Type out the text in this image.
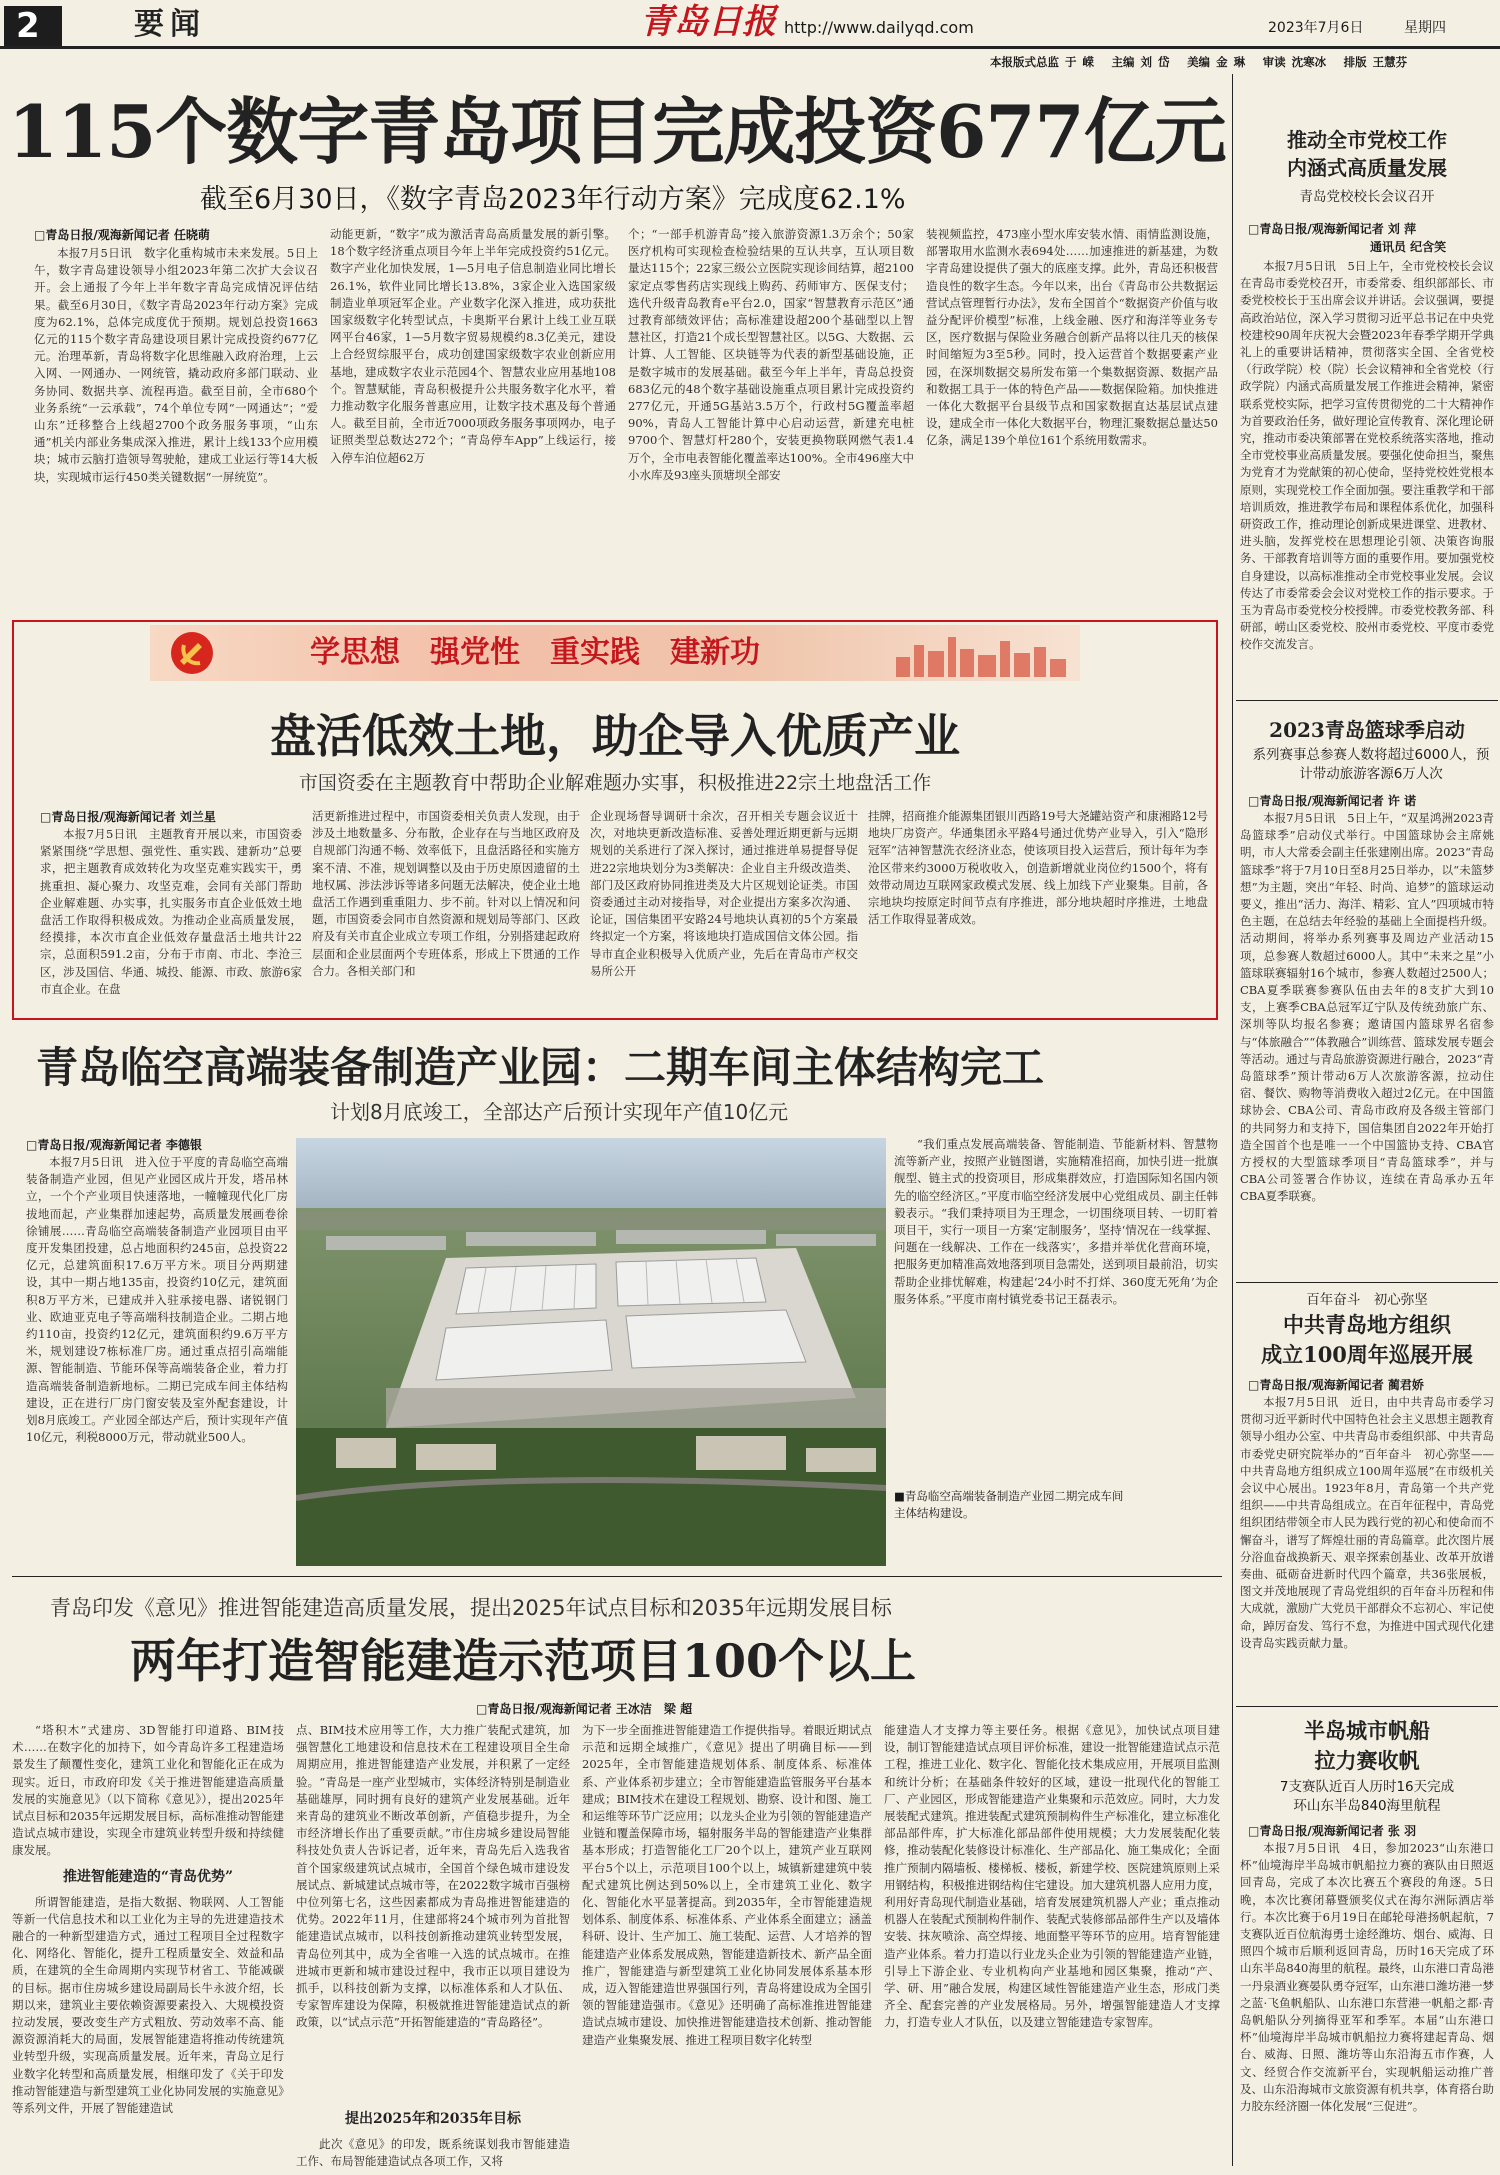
2	要闻	青岛日报 http://www.dailyqd.com	2023年7月6日	星期四
本报版式总监 于 嵘　 主编 刘 岱　 美编 金 琳　 审读 沈寒冰　 排版 王慧芬
115个数字青岛项目完成投资677亿元
截至6月30日，《数字青岛2023年行动方案》完成度62.1%
□青岛日报/观海新闻记者 任晓萌

本报7月5日讯　数字化重构城市未来发展。5日上午，数字青岛建设领导小组2023年第二次扩大会议召开。会上通报了今年上半年数字青岛完成情况评估结果。截至6月30日，《数字青岛2023年行动方案》完成度为62.1%，总体完成度优于预期。规划总投资1663亿元的115个数字青岛建设项目累计完成投资约677亿元。治理革新，青岛将数字化思维融入政府治理，上云入网、一网通办、一网统管，撬动政府多部门联动、业务协同、数据共享、流程再造。截至目前，全市680个业务系统“一云承载”，74个单位专网“一网通达”；“爱山东”迁移整合上线超2700个政务服务事项，“山东通”机关内部业务集成深入推进，累计上线133个应用模块；城市云脑打造领导驾驶舱，建成工业运行等14大板块，实现城市运行450类关键数据“一屏统览”。

动能更新，“数字”成为激活青岛高质量发展的新引擎。18个数字经济重点项目今年上半年完成投资约51亿元。数字产业化加快发展，1—5月电子信息制造业同比增长26.1%，软件业同比增长13.8%，3家企业入选国家级制造业单项冠军企业。产业数字化深入推进，成功获批国家级数字化转型试点，卡奥斯平台累计上线工业互联网平台46家，1—5月数字贸易规模约8.3亿美元，建设上合经贸综服平台，成功创建国家级数字农业创新应用基地，建成数字农业示范园4个、智慧农业应用基地108个。智慧赋能，青岛积极提升公共服务数字化水平，着力推动数字化服务普惠应用，让数字技术惠及每个普通人。截至目前，全市近7000项政务服务事项网办，电子证照类型总数达272个；“青岛停车App”上线运行，接入停车泊位超62万

个；“一部手机游青岛”接入旅游资源1.3万余个；50家医疗机构可实现检查检验结果的互认共享，互认项目数量达115个；22家三级公立医院实现诊间结算，超2100家定点零售药店实现线上购药、药师审方、医保支付；选代升级青岛教育e平台2.0，国家“智慧教育示范区”通过教育部绩效评估；高标准建设超200个基础型以上智慧社区，打造21个成长型智慧社区。以5G、大数据、云计算、人工智能、区块链等为代表的新型基础设施，正是数字城市的发展基础。截至今年上半年，青岛总投资683亿元的48个数字基础设施重点项目累计完成投资约277亿元，开通5G基站3.5万个，行政村5G覆盖率超90%，青岛人工智能计算中心启动运营，新建充电桩9700个、智慧灯杆280个，安装更换物联网燃气表1.4万个，全市电表智能化覆盖率达100%。全市496座大中小水库及93座头顶塘坝全部安

装视频监控，473座小型水库安装水情、雨情监测设施，部署取用水监测水表694处……加速推进的新基建，为数字青岛建设提供了强大的底座支撑。此外，青岛还积极营造良性的数字生态。今年以来，出台《青岛市公共数据运营试点管理暂行办法》，发布全国首个“数据资产价值与收益分配评价模型”标准，上线金融、医疗和海洋等业务专区，医疗数据与保险业务融合创新产品将以往几天的核保时间缩短为3至5秒。同时，投入运营首个数据要素产业园，在深圳数据交易所发布第一个集数据资源、数据产品和数据工具于一体的特色产品——数据保险箱。加快推进一体化大数据平台县级节点和国家数据直达基层试点建设，建成全市一体化大数据平台，物理汇聚数据总量达50亿条，满足139个单位161个系统用数需求。

学思想　强党性　重实践　建新功
盘活低效土地，助企导入优质产业
市国资委在主题教育中帮助企业解难题办实事，积极推进22宗土地盘活工作
□青岛日报/观海新闻记者 刘兰星

本报7月5日讯　主题教育开展以来，市国资委紧紧围绕“学思想、强党性、重实践、建新功”总要求，把主题教育成效转化为攻坚克难实践实干，勇挑重担、凝心聚力、攻坚克难，会同有关部门帮助企业解难题、办实事，扎实服务市直企业低效土地盘活工作取得积极成效。为推动企业高质量发展，经摸排，本次市直企业低效存量盘活土地共计22宗，总面积591.2亩，分布于市南、市北、李沧三区，涉及国信、华通、城投、能源、市政、旅游6家市直企业。在盘

活更新推进过程中，市国资委相关负责人发现，由于涉及土地数量多、分布散，企业存在与当地区政府及自规部门沟通不畅、效率低下，且盘活路径和实施方案不清、不准，规划调整以及由于历史原因遗留的土地权属、涉法涉诉等诸多问题无法解决，使企业土地盘活工作遇到重重阻力、步不前。针对以上情况和问题，市国资委会同市自然资源和规划局等部门、区政府及有关市直企业成立专项工作组，分别搭建起政府层面和企业层面两个专班体系，形成上下贯通的工作合力。各相关部门和

企业现场督导调研十余次，召开相关专题会议近十次，对地块更新改造标准、妥善处理近期更新与远期规划的关系进行了深入探讨，通过推进单易提督导促进22宗地块划分为3类解决：企业自主升级改造类、部门及区政府协同推进类及大片区规划论证类。市国资委通过主动对接指导，对企业提出方案多次沟通、论证，国信集团平安路24号地块认真初的5个方案最终拟定一个方案，将该地块打造成国信文体公园。指导市直企业积极导入优质产业，先后在青岛市产权交易所公开

挂牌，招商推介能源集团银川西路19号大尧罐站资产和康湘路12号地块厂房资产。华通集团永平路4号通过优势产业导入，引入“隐形冠军”洁神智慧洗衣经济业态，使该项目投入运营后，预计每年为李沧区带来约3000万税收收入，创造新增就业岗位约1500个，将有效带动周边互联网家政模式发展、线上加线下产业聚集。目前，各宗地块均按原定时间节点有序推进，部分地块超时序推进，土地盘活工作取得显著成效。

青岛临空高端装备制造产业园：二期车间主体结构完工
计划8月底竣工，全部达产后预计实现年产值10亿元
□青岛日报/观海新闻记者 李德银

本报7月5日讯　进入位于平度的青岛临空高端装备制造产业园，但见产业园区成片开发，塔吊林立，一个个产业项目快速落地，一幢幢现代化厂房拔地而起，产业集群加速起势，高质量发展画卷徐徐铺展……青岛临空高端装备制造产业园项目由平度开发集团投建，总占地面积约245亩，总投资22亿元，总建筑面积17.6万平方米。项目分两期建设，其中一期占地135亩，投资约10亿元，建筑面积8万平方米，已建成并入驻承接电器、诸锐钢门业、欧迪亚克电子等高端科技制造企业。二期占地约110亩，投资约12亿元，建筑面积约9.6万平方米，规划建设7栋标准厂房。通过重点招引高端能源、智能制造、节能环保等高端装备企业，着力打造高端装备制造新地标。二期已完成车间主体结构建设，正在进行厂房门窗安装及室外配套建设，计划8月底竣工。产业园全部达产后，预计实现年产值10亿元，利税8000万元，带动就业500人。

■青岛临空高端装备制造产业园二期完成车间主体结构建设。

“我们重点发展高端装备、智能制造、节能新材料、智慧物流等新产业，按照产业链图谱，实施精准招商，加快引进一批旗舰型、链主式的投资项目，形成集群效应，打造国际知名国内领先的临空经济区。”平度市临空经济发展中心党组成员、副主任韩毅表示。“我们秉持项目为王理念，一切围绕项目转、一切盯着项目干，实行一项目一方案‘定制服务’，坚持‘情况在一线掌握、问题在一线解决、工作在一线落实’，多措并举优化营商环境，把服务更加精准高效地落到项目急需处，送到项目最前沿，切实帮助企业排忧解难，构建起‘24小时不打烊、360度无死角’为企服务体系。”平度市南村镇党委书记王磊表示。

青岛印发《意见》推进智能建造高质量发展，提出2025年试点目标和2035年远期发展目标
两年打造智能建造示范项目100个以上
□青岛日报/观海新闻记者 王冰洁　梁 超

“塔积木”式建房、3D智能打印道路、BIM技术……在数字化的加持下，如今青岛许多工程建造场景发生了颠覆性变化，建筑工业化和智能化正在成为现实。近日，市政府印发《关于推进智能建造高质量发展的实施意见》（以下简称《意见》），提出2025年试点目标和2035年远期发展目标，高标准推动智能建造试点城市建设，实现全市建筑业转型升级和持续健康发展。

推进智能建造的“青岛优势”

所谓智能建造，是指大数据、物联网、人工智能等新一代信息技术和以工业化为主导的先进建造技术融合的一种新型建造方式，通过工程项目全过程数字化、网络化、智能化，提升工程质量安全、效益和品质，在建筑的全生命周期内实现节材省工、节能减碳的目标。据市住房城乡建设局副局长牛永波介绍，长期以来，建筑业主要依赖资源要素投入、大规模投资拉动发展，要改变生产方式粗放、劳动效率不高、能源资源消耗大的局面，发展智能建造将推动传统建筑业转型升级，实现高质量发展。近年来，青岛立足行业数字化转型和高质量发展，相继印发了《关于印发推动智能建造与新型建筑工业化协同发展的实施意见》等系列文件，开展了智能建造试

点、BIM技术应用等工作，大力推广装配式建筑，加强智慧化工地建设和信息技术在工程建设项目全生命周期应用，推进智能建造产业发展，并积累了一定经验。“青岛是一座产业型城市，实体经济特别是制造业基础雄厚，同时拥有良好的建筑产业发展基础。近年来青岛的建筑业不断改革创新，产值稳步提升，为全市经济增长作出了重要贡献。”市住房城乡建设局智能科技处负责人告诉记者，近年来，青岛先后入选我省首个国家级建筑试点城市，全国首个绿色城市建设发展试点、新城建试点城市等，在2022数字城市百强榜中位列第七名，这些因素都成为青岛推进智能建造的优势。2022年11月，住建部将24个城市列为首批智能建造试点城市，以科技创新推动建筑业转型发展，青岛位列其中，成为全省唯一入选的试点城市。在推进城市更新和城市建设过程中，我市正以项目建设为抓手，以科技创新为支撑，以标准体系和人才队伍、专家智库建设为保障，积极就推进智能建造试点的新政策，以“试点示范”开拓智能建造的“青岛路径”。

提出2025年和2035年目标

此次《意见》的印发，既系统谋划我市智能建造工作、布局智能建造试点各项工作，又将

为下一步全面推进智能建造工作提供指导。着眼近期试点示范和远期全域推广，《意见》提出了明确目标——到2025年，全市智能建造规划体系、制度体系、标准体系、产业体系初步建立；全市智能建造监管服务平台基本建成；BIM技术在建设工程规划、勘察、设计和图、施工和运维等环节广泛应用；以龙头企业为引领的智能建造产业链和覆盖保障市场，辐射服务半岛的智能建造产业集群基本形成；打造智能化工厂20个以上，建筑产业互联网平台5个以上，示范项目100个以上，城镇新建建筑中装配式建筑比例达到50%以上，全市建筑工业化、数字化、智能化水平显著提高。到2035年，全市智能建造规划体系、制度体系、标准体系、产业体系全面建立；涵盖科研、设计、生产加工、施工装配、运营、人才培养的智能建造产业体系发展成熟，智能建造新技术、新产品全面推广，智能建造与新型建筑工业化协同发展体系基本形成，迈入智能建造世界强国行列，青岛将建设成为全国引领的智能建造强市。《意见》还明确了高标准推进智能建造试点城市建设、加快推进智能建造技术创新、推动智能建造产业集聚发展、推进工程项目数字化转型

能建造人才支撑力等主要任务。根据《意见》，加快试点项目建设，制订智能建造试点项目评价标准，建设一批智能建造试点示范工程，推进工业化、数字化、智能化技术集成应用，开展项目监测和统计分析；在基础条件较好的区域，建设一批现代化的智能工厂、产业园区，形成智能建造产业集聚和示范效应。同时，大力发展装配式建筑。推进装配式建筑预制构件生产标准化，建立标准化部品部件库，扩大标准化部品部件使用规模；大力发展装配化装修，推动装配化装修设计标准化、生产部品化、施工集成化；全面推广预制内隔墙板、楼梯板、楼板，新建学校、医院建筑原则上采用钢结构，积极推进钢结构住宅建设。加大建筑机器人应用力度，利用好青岛现代制造业基础，培育发展建筑机器人产业；重点推动机器人在装配式预制构件制作、装配式装修部品部件生产以及墙体安装、抹灰喷涂、高空焊接、地面整平等环节的应用。培育智能建造产业体系。着力打造以行业龙头企业为引领的智能建造产业链，引导上下游企业、专业机构向产业基地和园区集聚，推动“产、学、研、用”融合发展，构建区域性智能建造产业生态，形成门类齐全、配套完善的产业发展格局。另外，增强智能建造人才支撑力，打造专业人才队伍，以及建立智能建造专家智库。

推动全市党校工作
内涵式高质量发展
青岛党校校长会议召开
□青岛日报/观海新闻记者 刘 萍
通讯员 纪含笑

本报7月5日讯　5日上午，全市党校校长会议在青岛市委党校召开，市委常委、组织部部长、市委党校校长于玉出席会议并讲话。会议强调，要提高政治站位，深入学习贯彻习近平总书记在中央党校建校90周年庆祝大会暨2023年春季学期开学典礼上的重要讲话精神，贯彻落实全国、全省党校（行政学院）校（院）长会议精神和全省党校（行政学院）内涵式高质量发展工作推进会精神，紧密联系党校实际，把学习宣传贯彻党的二十大精神作为首要政治任务，做好理论宣传教育、深化理论研究，推动市委决策部署在党校系统落实落地，推动全市党校事业高质量发展。要强化使命担当，聚焦为党育才为党献策的初心使命，坚持党校姓党根本原则，实现党校工作全面加强。要注重教学和干部培训质效，推进教学布局和课程体系优化，加强科研资政工作，推动理论创新成果进课堂、进教材、进头脑，发挥党校在思想理论引领、决策咨询服务、干部教育培训等方面的重要作用。要加强党校自身建设，以高标准推动全市党校事业发展。会议传达了市委常委会会议对党校工作的指示要求。于玉为青岛市委党校分校授牌。市委党校教务部、科研部，崂山区委党校、胶州市委党校、平度市委党校作交流发言。

2023青岛篮球季启动
系列赛事总参赛人数将超过6000人，预计带动旅游客源6万人次
□青岛日报/观海新闻记者 许 诺

本报7月5日讯　5日上午，“双星鸿洲2023青岛篮球季”启动仪式举行。中国篮球协会主席姚明，市人大常委会副主任张建刚出席。2023“青岛篮球季”将于7月10日至8月25日举办，以“未篮梦想”为主题，突出“年轻、时尚、追梦”的篮球运动要义，推出“活力、海洋、精彩、宜人”四项城市特色主题，在总结去年经验的基础上全面提档升级。活动期间，将举办系列赛事及周边产业活动15项，总参赛人数超过6000人。其中“未来之星”小篮球联赛辐射16个城市，参赛人数超过2500人；CBA夏季联赛参赛队伍由去年的8支扩大到10支，上赛季CBA总冠军辽宁队及传统劲旅广东、深圳等队均报名参赛；邀请国内篮球界名宿参与“体旅融合”“体教融合”训练营、篮球发展专题会等活动。通过与青岛旅游资源进行融合，2023“青岛篮球季”预计带动6万人次旅游客源，拉动住宿、餐饮、购物等消费收入超过2亿元。在中国篮球协会、CBA公司、青岛市政府及各级主管部门的共同努力和支持下，国信集团自2022年开始打造全国首个也是唯一一个中国篮协支持、CBA官方授权的大型篮球季项目“青岛篮球季”，并与CBA公司签署合作协议，连续在青岛承办五年CBA夏季联赛。

百年奋斗　初心弥坚
中共青岛地方组织
成立100周年巡展开展
□青岛日报/观海新闻记者 蔺君娇

本报7月5日讯　近日，由中共青岛市委学习贯彻习近平新时代中国特色社会主义思想主题教育领导小组办公室、中共青岛市委组织部、中共青岛市委党史研究院举办的“百年奋斗　初心弥坚——中共青岛地方组织成立100周年巡展”在市级机关会议中心展出。1923年8月，青岛第一个共产党组织——中共青岛组成立。在百年征程中，青岛党组织团结带领全市人民为践行党的初心和使命而不懈奋斗，谱写了辉煌壮丽的青岛篇章。此次图片展分浴血奋战换新天、艰辛探索创基业、改革开放谱奏曲、砥砺奋进新时代四个篇章，共36张展板，图文并茂地展现了青岛党组织的百年奋斗历程和伟大成就，激励广大党员干部群众不忘初心、牢记使命，踔厉奋发、笃行不怠，为推进中国式现代化建设青岛实践贡献力量。

半岛城市帆船
拉力赛收帆
7支赛队近百人历时16天完成
环山东半岛840海里航程
□青岛日报/观海新闻记者 张 羽

本报7月5日讯　4日，参加2023“山东港口杯”仙境海岸半岛城市帆船拉力赛的赛队由日照返回青岛，完成了本次比赛五个赛段的角逐。5日晚，本次比赛闭幕暨颁奖仪式在海尔洲际酒店举行。本次比赛于6月19日在邮轮母港扬帆起航，7支赛队近百位航海勇士途经潍坊、烟台、威海、日照四个城市后顺利返回青岛，历时16天完成了环山东半岛840海里的航程。最终，山东港口青岛港一丹泉酒业赛晏队勇夺冠军，山东港口潍坊港一梦之蓝·飞鱼帆船队、山东港口东营港一帆船之都·青岛帆船队分列摘得亚军和季军。本届“山东港口杯”仙境海岸半岛城市帆船拉力赛将建起青岛、烟台、威海、日照、潍坊等山东沿海五市作赛，人文、经贸合作交流新平台，实现帆船运动推广普及、山东沿海城市文旅资源有机共享，体育搭台助力胶东经济圈一体化发展“三促进”。
